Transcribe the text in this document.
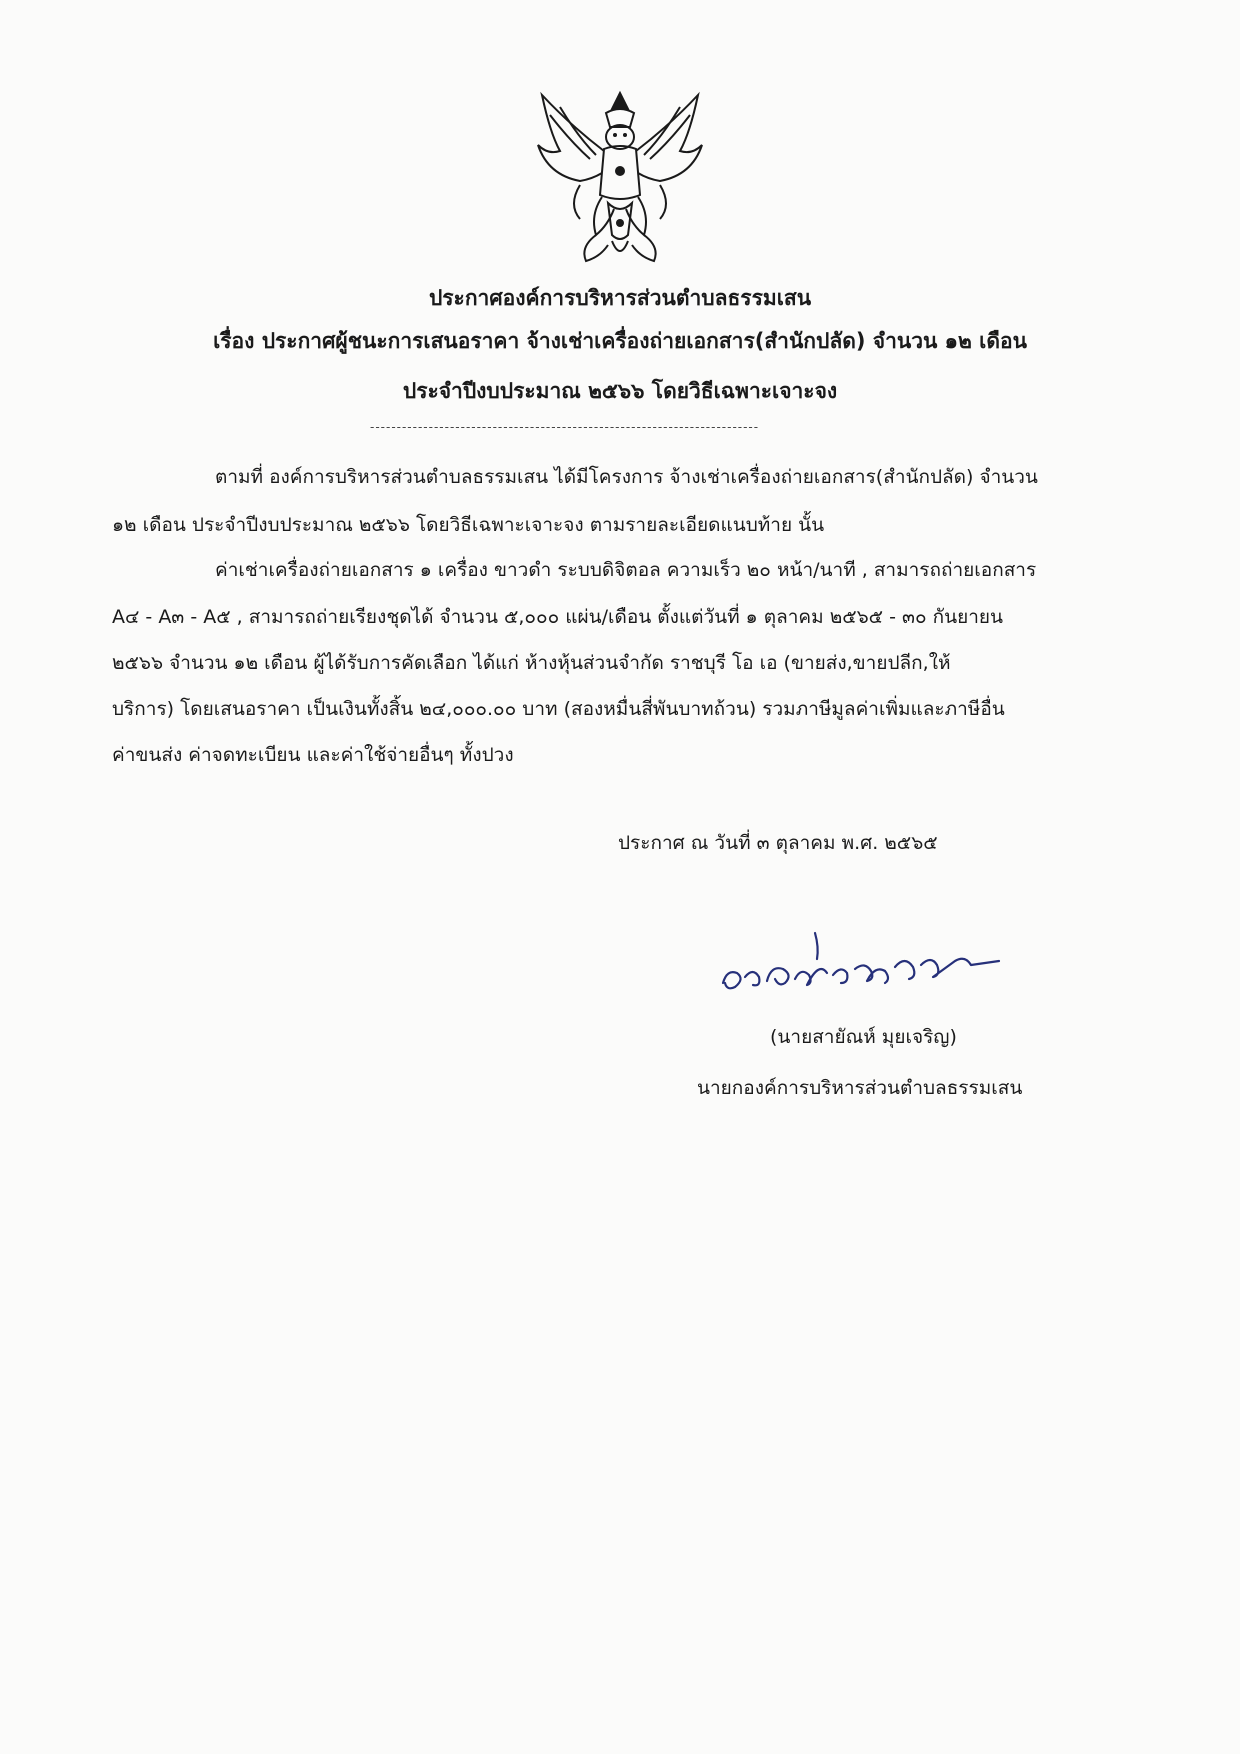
ประกาศองค์การบริหารส่วนตำบลธรรมเสน
เรื่อง ประกาศผู้ชนะการเสนอราคา จ้างเช่าเครื่องถ่ายเอกสาร(สำนักปลัด) จำนวน ๑๒ เดือน
ประจำปีงบประมาณ ๒๕๖๖ โดยวิธีเฉพาะเจาะจง
-------------------------------------------------------------------------
ตามที่ องค์การบริหารส่วนตำบลธรรมเสน ได้มีโครงการ จ้างเช่าเครื่องถ่ายเอกสาร(สำนักปลัด) จำนวน
๑๒ เดือน ประจำปีงบประมาณ ๒๕๖๖ โดยวิธีเฉพาะเจาะจง ตามรายละเอียดแนบท้าย นั้น
ค่าเช่าเครื่องถ่ายเอกสาร ๑ เครื่อง ขาวดำ ระบบดิจิตอล ความเร็ว ๒๐ หน้า/นาที , สามารถถ่ายเอกสาร
A๔ - A๓ - A๕ , สามารถถ่ายเรียงชุดได้ จำนวน ๕,๐๐๐ แผ่น/เดือน ตั้งแต่วันที่ ๑ ตุลาคม ๒๕๖๕ - ๓๐ กันยายน
๒๕๖๖ จำนวน ๑๒ เดือน ผู้ได้รับการคัดเลือก ได้แก่ ห้างหุ้นส่วนจำกัด ราชบุรี โอ เอ (ขายส่ง,ขายปลีก,ให้
บริการ) โดยเสนอราคา เป็นเงินทั้งสิ้น ๒๔,๐๐๐.๐๐ บาท (สองหมื่นสี่พันบาทถ้วน) รวมภาษีมูลค่าเพิ่มและภาษีอื่น
ค่าขนส่ง ค่าจดทะเบียน และค่าใช้จ่ายอื่นๆ ทั้งปวง
ประกาศ ณ วันที่ ๓ ตุลาคม พ.ศ. ๒๕๖๕
(นายสายัณห์ มุยเจริญ)
นายกองค์การบริหารส่วนตำบลธรรมเสน
